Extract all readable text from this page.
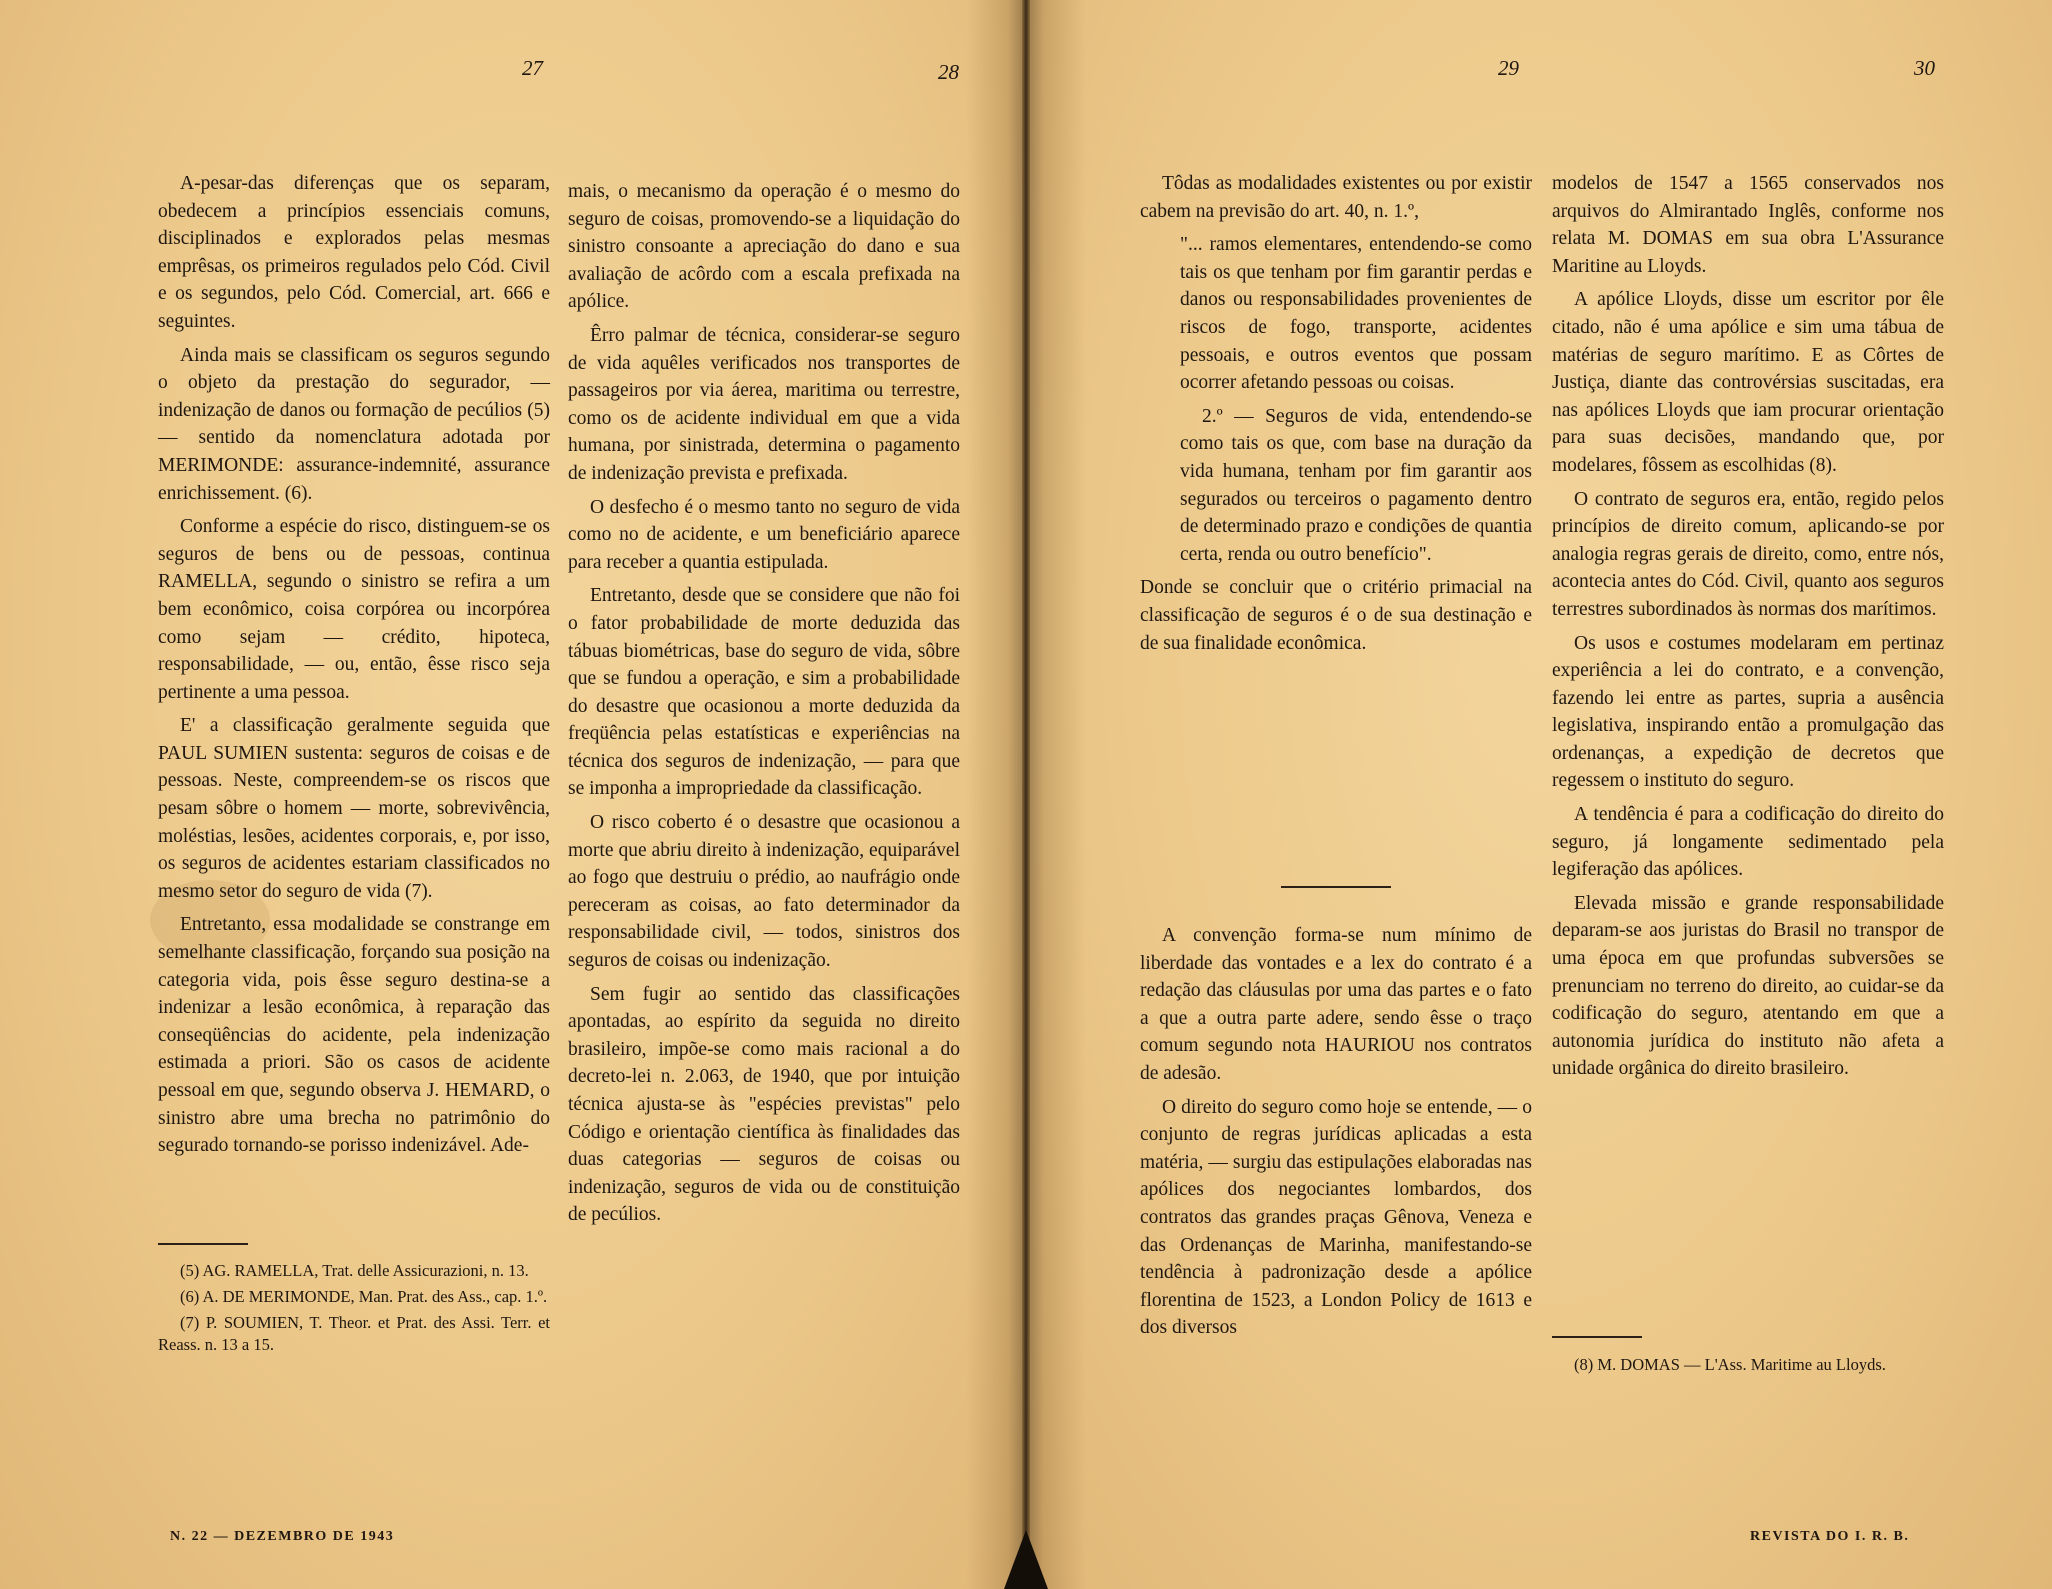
27	28

A-pesar-das diferenças que os separam, obedecem a princípios essenciais comuns, disciplinados e explorados pelas mesmas emprêsas, os primeiros regulados pelo Cód. Civil e os segundos, pelo Cód. Comercial, art. 666 e seguintes.

Ainda mais se classificam os seguros segundo o objeto da prestação do segurador, — indenização de danos ou formação de pecúlios (5) — sentido da nomenclatura adotada por MERIMONDE: assurance-indemnité, assurance enrichissement. (6).

Conforme a espécie do risco, distinguem-se os seguros de bens ou de pessoas, continua RAMELLA, segundo o sinistro se refira a um bem econômico, coisa corpórea ou incorpórea como sejam — crédito, hipoteca, responsabilidade, — ou, então, êsse risco seja pertinente a uma pessoa.

E' a classificação geralmente seguida que PAUL SUMIEN sustenta: seguros de coisas e de pessoas. Neste, compreendem-se os riscos que pesam sôbre o homem — morte, sobrevivência, moléstias, lesões, acidentes corporais, e, por isso, os seguros de acidentes estariam classificados no mesmo setor do seguro de vida (7).

Entretanto, essa modalidade se constrange em semelhante classificação, forçando sua posição na categoria vida, pois êsse seguro destina-se a indenizar a lesão econômica, à reparação das conseqüências do acidente, pela indenização estimada a priori. São os casos de acidente pessoal em que, segundo observa J. HEMARD, o sinistro abre uma brecha no patrimônio do segurado tornando-se porisso indenizável. Ade-

(5) AG. RAMELLA, Trat. delle Assicurazioni, n. 13.

(6) A. DE MERIMONDE, Man. Prat. des Ass., cap. 1.º.

(7) P. SOUMIEN, T. Theor. et Prat. des Assi. Terr. et Reass. n. 13 a 15.

mais, o mecanismo da operação é o mesmo do seguro de coisas, promovendo-se a liquidação do sinistro consoante a apreciação do dano e sua avaliação de acôrdo com a escala prefixada na apólice.

Êrro palmar de técnica, considerar-se seguro de vida aquêles verificados nos transportes de passageiros por via áerea, maritima ou terrestre, como os de acidente individual em que a vida humana, por sinistrada, determina o pagamento de indenização prevista e prefixada.

O desfecho é o mesmo tanto no seguro de vida como no de acidente, e um beneficiário aparece para receber a quantia estipulada.

Entretanto, desde que se considere que não foi o fator probabilidade de morte deduzida das tábuas biométricas, base do seguro de vida, sôbre que se fundou a operação, e sim a probabilidade do desastre que ocasionou a morte deduzida da freqüência pelas estatísticas e experiências na técnica dos seguros de indenização, — para que se imponha a impropriedade da classificação.

O risco coberto é o desastre que ocasionou a morte que abriu direito à indenização, equiparável ao fogo que destruiu o prédio, ao naufrágio onde pereceram as coisas, ao fato determinador da responsabilidade civil, — todos, sinistros dos seguros de coisas ou indenização.

Sem fugir ao sentido das classificações apontadas, ao espírito da seguida no direito brasileiro, impõe-se como mais racional a do decreto-lei n. 2.063, de 1940, que por intuição técnica ajusta-se às "espécies previstas" pelo Código e orientação científica às finalidades das duas categorias — seguros de coisas ou indenização, seguros de vida ou de constituição de pecúlios.

N. 22 — DEZEMBRO DE 1943
29	30

Tôdas as modalidades existentes ou por existir cabem na previsão do art. 40, n. 1.º,

"... ramos elementares, entendendo-se como tais os que tenham por fim garantir perdas e danos ou responsabilidades provenientes de riscos de fogo, transporte, acidentes pessoais, e outros eventos que possam ocorrer afetando pessoas ou coisas.

2.º — Seguros de vida, entendendo-se como tais os que, com base na duração da vida humana, tenham por fim garantir aos segurados ou terceiros o pagamento dentro de determinado prazo e condições de quantia certa, renda ou outro benefício".

Donde se concluir que o critério primacial na classificação de seguros é o de sua destinação e de sua finalidade econômica.

A convenção forma-se num mínimo de liberdade das vontades e a lex do contrato é a redação das cláusulas por uma das partes e o fato a que a outra parte adere, sendo êsse o traço comum segundo nota HAURIOU nos contratos de adesão.

O direito do seguro como hoje se entende, — o conjunto de regras jurídicas aplicadas a esta matéria, — surgiu das estipulações elaboradas nas apólices dos negociantes lombardos, dos contratos das grandes praças Gênova, Veneza e das Ordenanças de Marinha, manifestando-se tendência à padronização desde a apólice florentina de 1523, a London Policy de 1613 e dos diversos

modelos de 1547 a 1565 conservados nos arquivos do Almirantado Inglês, conforme nos relata M. DOMAS em sua obra L'Assurance Maritine au Lloyds.

A apólice Lloyds, disse um escritor por êle citado, não é uma apólice e sim uma tábua de matérias de seguro marítimo. E as Côrtes de Justiça, diante das controvérsias suscitadas, era nas apólices Lloyds que iam procurar orientação para suas decisões, mandando que, por modelares, fôssem as escolhidas (8).

O contrato de seguros era, então, regido pelos princípios de direito comum, aplicando-se por analogia regras gerais de direito, como, entre nós, acontecia antes do Cód. Civil, quanto aos seguros terrestres subordinados às normas dos marítimos.

Os usos e costumes modelaram em pertinaz experiência a lei do contrato, e a convenção, fazendo lei entre as partes, supria a ausência legislativa, inspirando então a promulgação das ordenanças, a expedição de decretos que regessem o instituto do seguro.

A tendência é para a codificação do direito do seguro, já longamente sedimentado pela legiferação das apólices.

Elevada missão e grande responsabilidade deparam-se aos juristas do Brasil no transpor de uma época em que profundas subversões se prenunciam no terreno do direito, ao cuidar-se da codificação do seguro, atentando em que a autonomia jurídica do instituto não afeta a unidade orgânica do direito brasileiro.

(8) M. DOMAS — L'Ass. Maritime au Lloyds.

REVISTA DO I. R. B.
